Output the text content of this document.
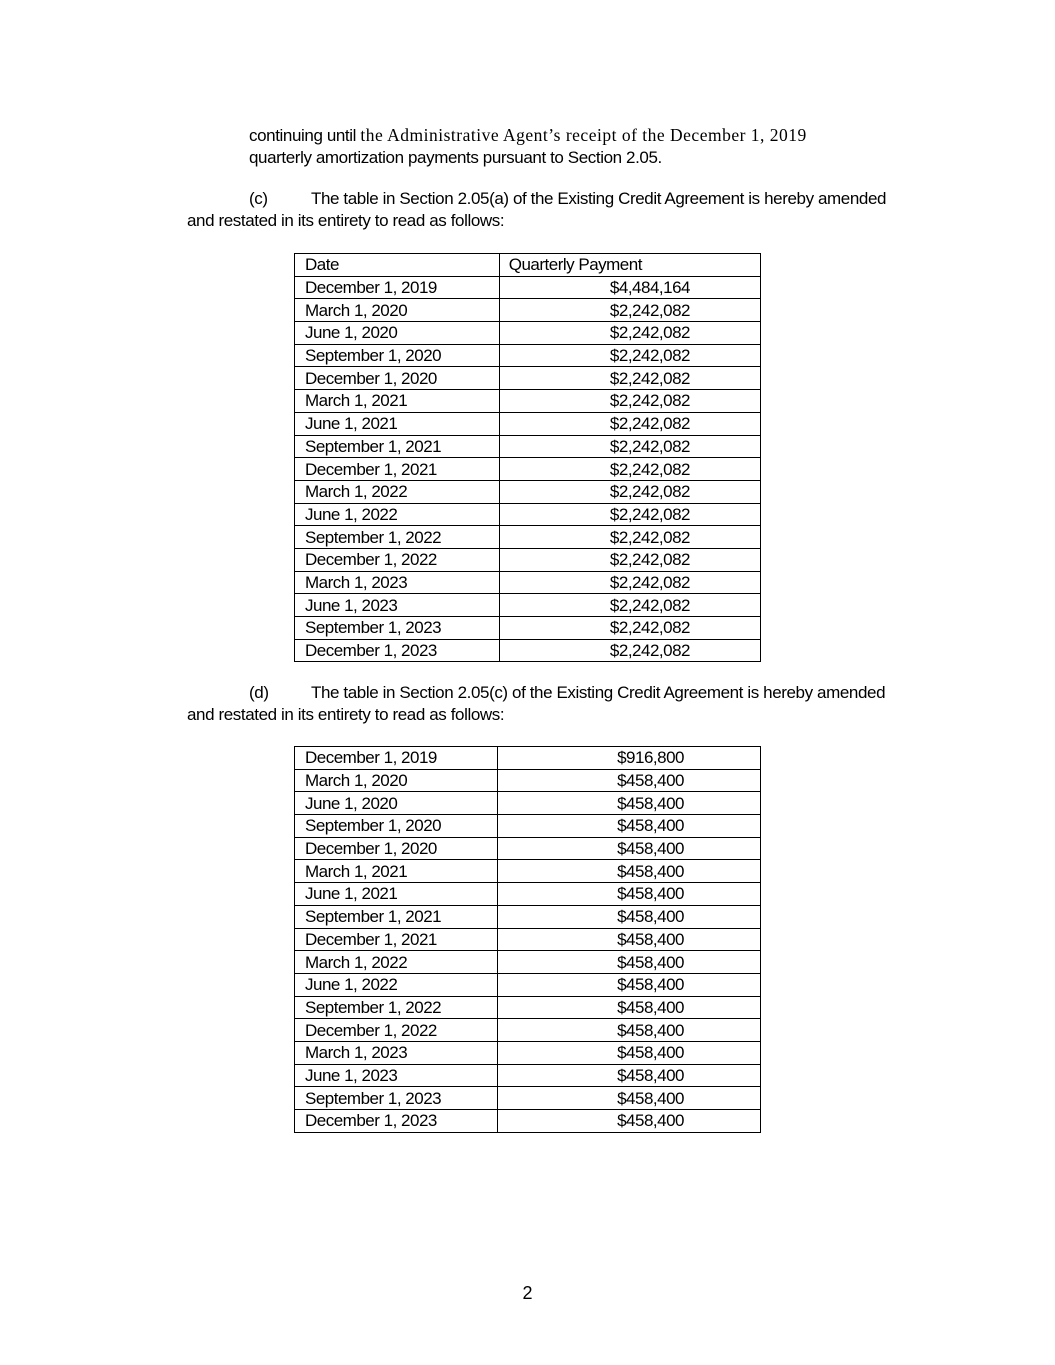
continuing until the Administrative Agent’s receipt of the December 1, 2019
quarterly amortization payments pursuant to Section 2.05.
(c)	The table in Section 2.05(a) of the Existing Credit Agreement is hereby amended
and restated in its entirety to read as follows:
Date	Quarterly Payment
December 1, 2019	$4,484,164
March 1, 2020	$2,242,082
June 1, 2020	$2,242,082
September 1, 2020	$2,242,082
December 1, 2020	$2,242,082
March 1, 2021	$2,242,082
June 1, 2021	$2,242,082
September 1, 2021	$2,242,082
December 1, 2021	$2,242,082
March 1, 2022	$2,242,082
June 1, 2022	$2,242,082
September 1, 2022	$2,242,082
December 1, 2022	$2,242,082
March 1, 2023	$2,242,082
June 1, 2023	$2,242,082
September 1, 2023	$2,242,082
December 1, 2023	$2,242,082
(d) The table in Section 2.05(c) of the Existing Credit Agreement is hereby amended
and restated in its entirety to read as follows:
December 1, 2019	$916,800
March 1, 2020	$458,400
June 1, 2020	$458,400
September 1, 2020	$458,400
December 1, 2020	$458,400
March 1, 2021	$458,400
June 1, 2021	$458,400
September 1, 2021	$458,400
December 1, 2021	$458,400
March 1, 2022	$458,400
June 1, 2022	$458,400
September 1, 2022	$458,400
December 1, 2022	$458,400
March 1, 2023	$458,400
June 1, 2023	$458,400
September 1, 2023	$458,400
December 1, 2023	$458,400
2
